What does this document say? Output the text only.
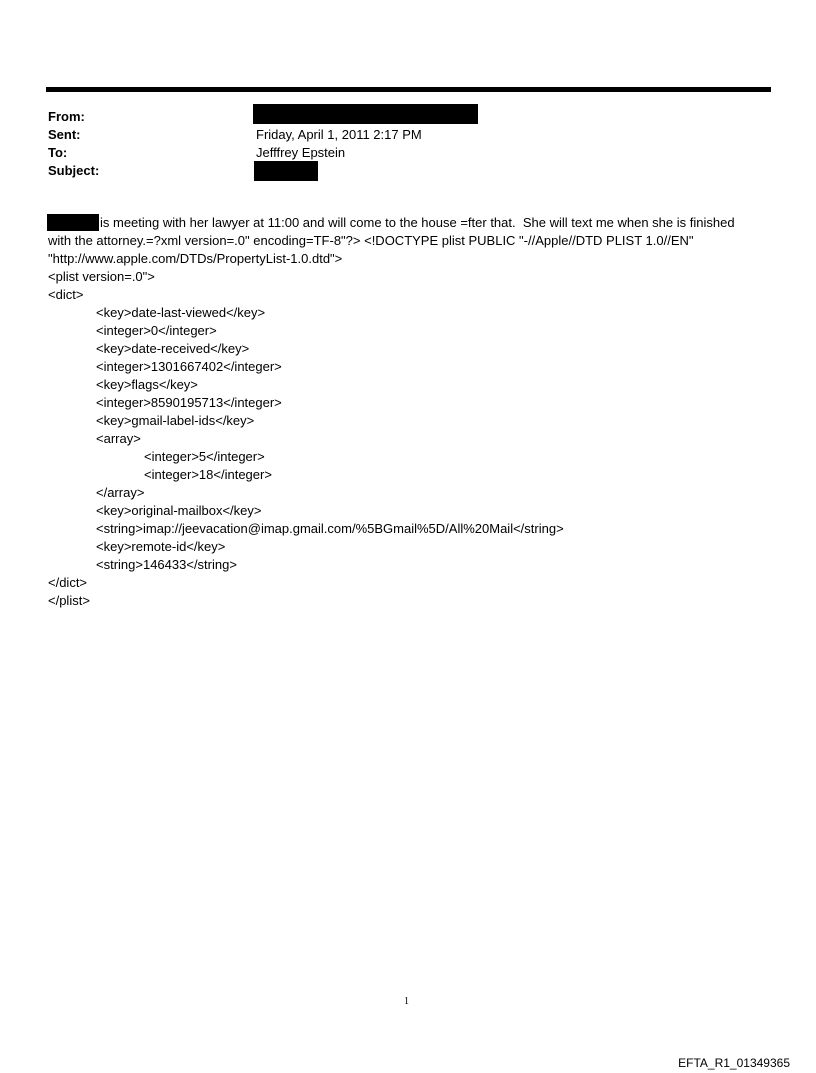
From:
Sent:
To:
Subject:
Friday, April 1, 2011 2:17 PM
Jefffrey Epstein
is meeting with her lawyer at 11:00 and will come to the house =fter that.  She will text me when she is finished
with the attorney.=?xml version=.0" encoding=TF-8"?> <!DOCTYPE plist PUBLIC "-//Apple//DTD PLIST 1.0//EN"
"http://www.apple.com/DTDs/PropertyList-1.0.dtd">
<plist version=.0">
<dict>
<key>date-last-viewed</key>
<integer>0</integer>
<key>date-received</key>
<integer>1301667402</integer>
<key>flags</key>
<integer>8590195713</integer>
<key>gmail-label-ids</key>
<array>
<integer>5</integer>
<integer>18</integer>
</array>
<key>original-mailbox</key>
<string>imap://jeevacation@imap.gmail.com/%5BGmail%5D/All%20Mail</string>
<key>remote-id</key>
<string>146433</string>
</dict>
</plist>
1
EFTA_R1_01349365
